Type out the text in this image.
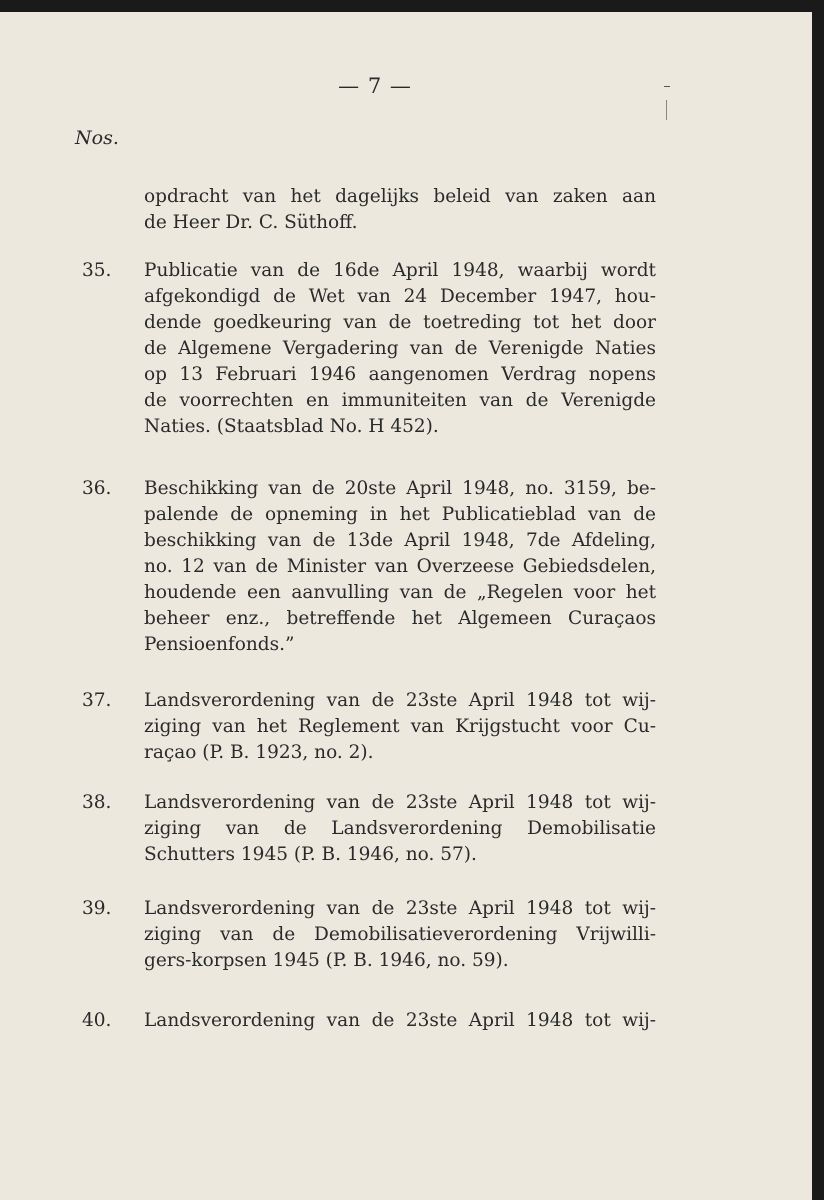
— 7 —
Nos.
opdracht van het dagelijks beleid van zaken aan
de Heer Dr. C. Süthoff.
35. Publicatie van de 16de April 1948, waarbij wordt
afgekondigd de Wet van 24 December 1947, hou-
dende goedkeuring van de toetreding tot het door
de Algemene Vergadering van de Verenigde Naties
op 13 Februari 1946 aangenomen Verdrag nopens
de voorrechten en immuniteiten van de Verenigde
Naties. (Staatsblad No. H 452).
36. Beschikking van de 20ste April 1948, no. 3159, be-
palende de opneming in het Publicatieblad van de
beschikking van de 13de April 1948, 7de Afdeling,
no. 12 van de Minister van Overzeese Gebiedsdelen,
houdende een aanvulling van de „Regelen voor het
beheer enz., betreffende het Algemeen Curaçaos
Pensioenfonds.”
37. Landsverordening van de 23ste April 1948 tot wij-
ziging van het Reglement van Krijgstucht voor Cu-
raçao (P. B. 1923, no. 2).
38. Landsverordening van de 23ste April 1948 tot wij-
ziging van de Landsverordening Demobilisatie
Schutters 1945 (P. B. 1946, no. 57).
39. Landsverordening van de 23ste April 1948 tot wij-
ziging van de Demobilisatieverordening Vrijwilli-
gers-korpsen 1945 (P. B. 1946, no. 59).
40. Landsverordening van de 23ste April 1948 tot wij-
